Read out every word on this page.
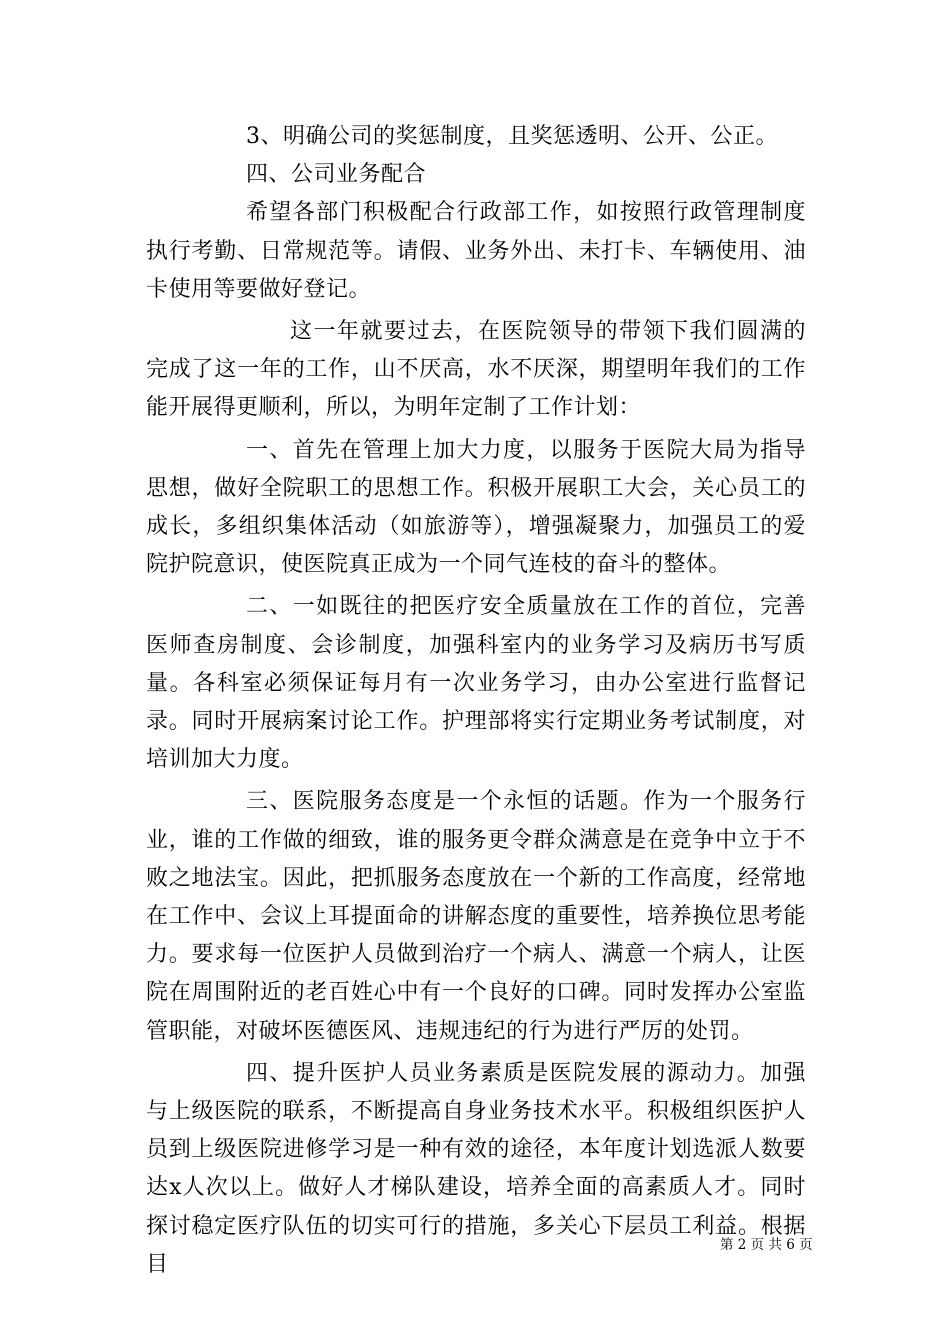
3、明确公司的奖惩制度，且奖惩透明、公开、公正。

四、公司业务配合

希望各部门积极配合行政部工作，如按照行政管理制度执行考勤、日常规范等。请假、业务外出、未打卡、车辆使用、油卡使用等要做好登记。

这一年就要过去，在医院领导的带领下我们圆满的完成了这一年的工作，山不厌高，水不厌深，期望明年我们的工作能开展得更顺利，所以，为明年定制了工作计划：

一、首先在管理上加大力度，以服务于医院大局为指导思想，做好全院职工的思想工作。积极开展职工大会，关心员工的成长，多组织集体活动（如旅游等），增强凝聚力，加强员工的爱院护院意识，使医院真正成为一个同气连枝的奋斗的整体。

二、一如既往的把医疗安全质量放在工作的首位，完善医师查房制度、会诊制度，加强科室内的业务学习及病历书写质量。各科室必须保证每月有一次业务学习，由办公室进行监督记录。同时开展病案讨论工作。护理部将实行定期业务考试制度，对培训加大力度。

三、医院服务态度是一个永恒的话题。作为一个服务行业，谁的工作做的细致，谁的服务更令群众满意是在竞争中立于不败之地法宝。因此，把抓服务态度放在一个新的工作高度，经常地在工作中、会议上耳提面命的讲解态度的重要性，培养换位思考能力。要求每一位医护人员做到治疗一个病人、满意一个病人，让医院在周围附近的老百姓心中有一个良好的口碑。同时发挥办公室监管职能，对破坏医德医风、违规违纪的行为进行严厉的处罚。

四、提升医护人员业务素质是医院发展的源动力。加强与上级医院的联系，不断提高自身业务技术水平。积极组织医护人员到上级医院进修学习是一种有效的途径，本年度计划选派人数要达x人次以上。做好人才梯队建设，培养全面的高素质人才。同时探讨稳定医疗队伍的切实可行的措施，多关心下层员工利益。根据目

第 2 页 共 6 页
